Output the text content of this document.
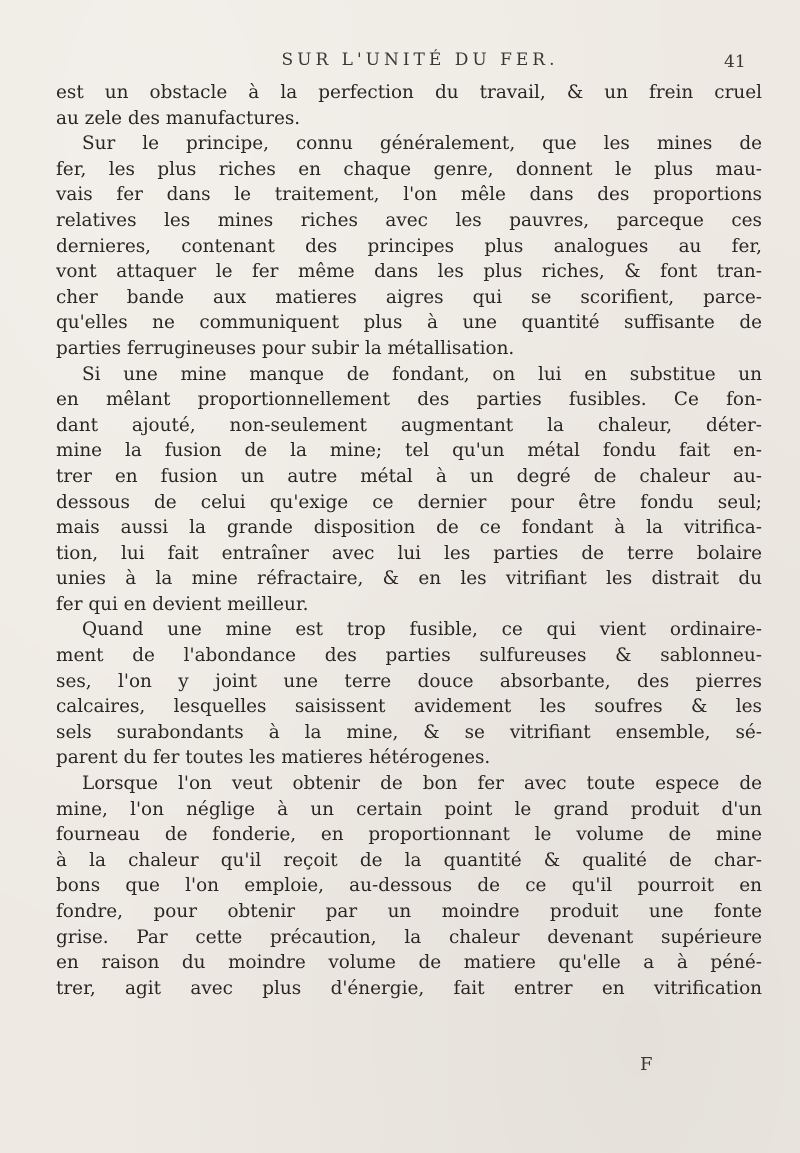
SUR L'UNITÉ DU FER.	41
est un obstacle à la perfection du travail, & un frein cruel
au zele des manufactures.
Sur le principe, connu généralement, que les mines de
fer, les plus riches en chaque genre, donnent le plus mau-
vais fer dans le traitement, l'on mêle dans des proportions
relatives les mines riches avec les pauvres, parceque ces
dernieres, contenant des principes plus analogues au fer,
vont attaquer le fer même dans les plus riches, & font tran-
cher bande aux matieres aigres qui se scorifient, parce-
qu'elles ne communiquent plus à une quantité suffisante de
parties ferrugineuses pour subir la métallisation.
Si une mine manque de fondant, on lui en substitue un
en mêlant proportionnellement des parties fusibles. Ce fon-
dant ajouté, non-seulement augmentant la chaleur, déter-
mine la fusion de la mine; tel qu'un métal fondu fait en-
trer en fusion un autre métal à un degré de chaleur au-
dessous de celui qu'exige ce dernier pour être fondu seul;
mais aussi la grande disposition de ce fondant à la vitrifica-
tion, lui fait entraîner avec lui les parties de terre bolaire
unies à la mine réfractaire, & en les vitrifiant les distrait du
fer qui en devient meilleur.
Quand une mine est trop fusible, ce qui vient ordinaire-
ment de l'abondance des parties sulfureuses & sablonneu-
ses, l'on y joint une terre douce absorbante, des pierres
calcaires, lesquelles saisissent avidement les soufres & les
sels surabondants à la mine, & se vitrifiant ensemble, sé-
parent du fer toutes les matieres hétérogenes.
Lorsque l'on veut obtenir de bon fer avec toute espece de
mine, l'on néglige à un certain point le grand produit d'un
fourneau de fonderie, en proportionnant le volume de mine
à la chaleur qu'il reçoit de la quantité & qualité de char-
bons que l'on emploie, au-dessous de ce qu'il pourroit en
fondre, pour obtenir par un moindre produit une fonte
grise. Par cette précaution, la chaleur devenant supérieure
en raison du moindre volume de matiere qu'elle a à péné-
trer, agit avec plus d'énergie, fait entrer en vitrification
F
